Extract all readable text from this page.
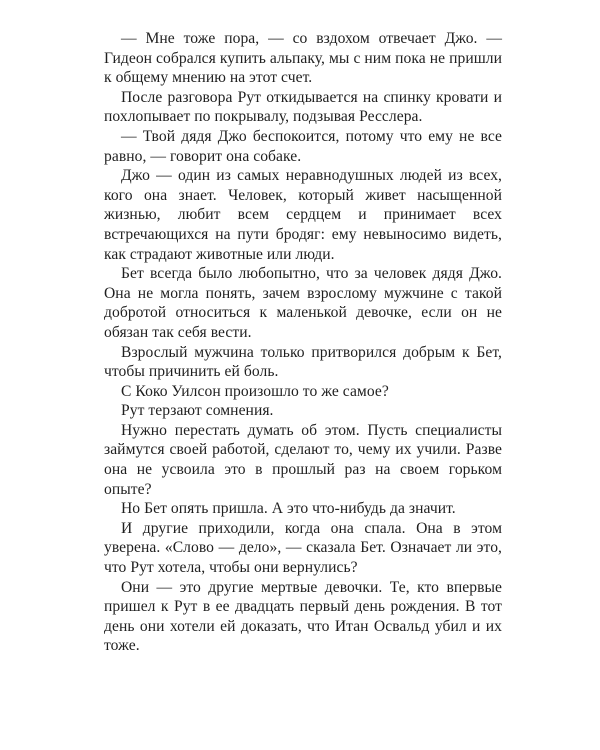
— Мне тоже пора, — со вздохом отвечает Джо. — Гидеон собрался купить альпаку, мы с ним пока не пришли к общему мнению на этот счет.

После разговора Рут откидывается на спинку кровати и похлопывает по покрывалу, подзывая Ресслера.

— Твой дядя Джо беспокоится, потому что ему не все равно, — говорит она собаке.

Джо — один из самых неравнодушных людей из всех, кого она знает. Человек, который живет насыщенной жизнью, любит всем сердцем и принимает всех встречающихся на пути бродяг: ему невыносимо видеть, как страдают животные или люди.

Бет всегда было любопытно, что за человек дядя Джо. Она не могла понять, зачем взрослому мужчине с такой добротой относиться к маленькой девочке, если он не обязан так себя вести.

Взрослый мужчина только притворился добрым к Бет, чтобы причинить ей боль.

С Коко Уилсон произошло то же самое?

Рут терзают сомнения.

Нужно перестать думать об этом. Пусть специалисты займутся своей работой, сделают то, чему их учили. Разве она не усвоила это в прошлый раз на своем горьком опыте?

Но Бет опять пришла. А это что-нибудь да значит.

И другие приходили, когда она спала. Она в этом уверена. «Слово — дело», — сказала Бет. Означает ли это, что Рут хотела, чтобы они вернулись?

Они — это другие мертвые девочки. Те, кто впервые пришел к Рут в ее двадцать первый день рождения. В тот день они хотели ей доказать, что Итан Освальд убил и их тоже.
